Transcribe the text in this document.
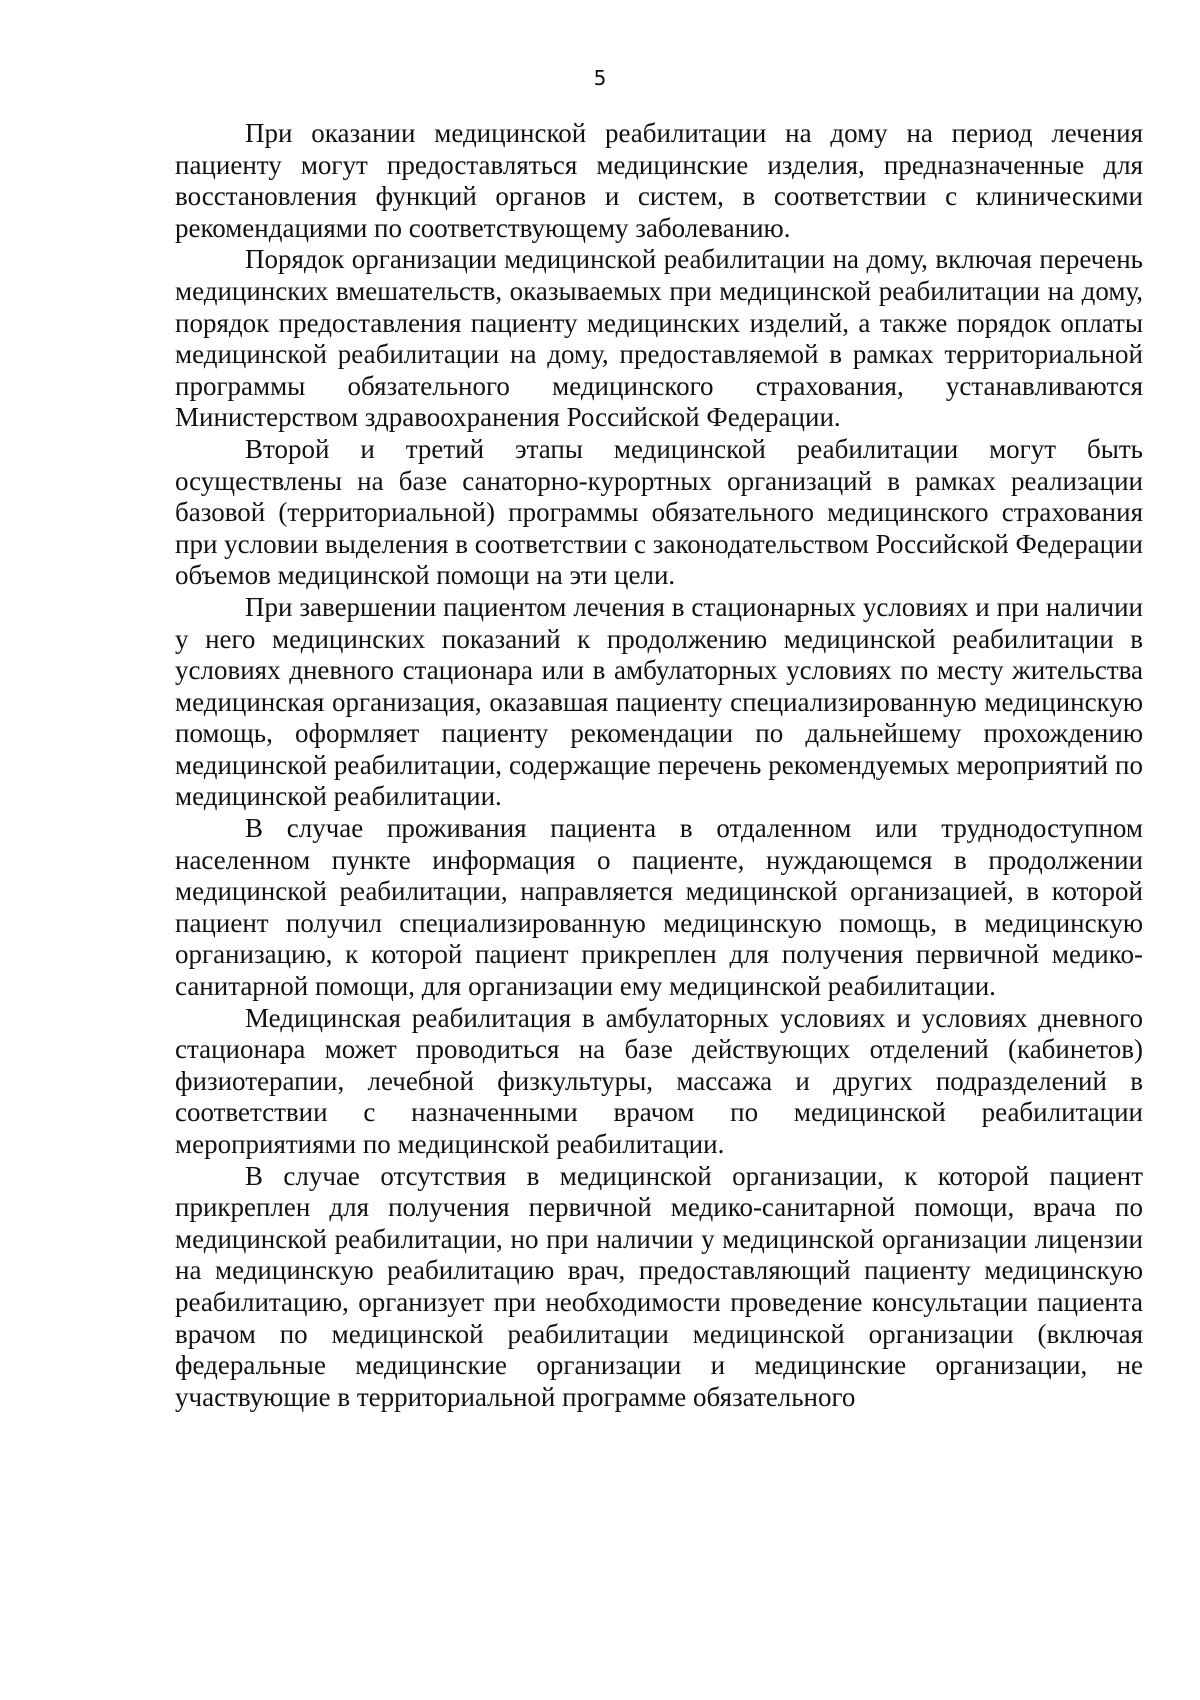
5

При оказании медицинской реабилитации на дому на период лечения пациенту могут предоставляться медицинские изделия, предназначенные для восстановления функций органов и систем, в соответствии с клиническими рекомендациями по соответствующему заболеванию.

Порядок организации медицинской реабилитации на дому, включая перечень медицинских вмешательств, оказываемых при медицинской реабилитации на дому, порядок предоставления пациенту медицинских изделий, а также порядок оплаты медицинской реабилитации на дому, предоставляемой в рамках территориальной программы обязательного медицинского страхования, устанавливаются Министерством здравоохранения Российской Федерации.

Второй и третий этапы медицинской реабилитации могут быть осуществлены на базе санаторно-курортных организаций в рамках реализации базовой (территориальной) программы обязательного медицинского страхования при условии выделения в соответствии с законодательством Российской Федерации объемов медицинской помощи на эти цели.

При завершении пациентом лечения в стационарных условиях и при наличии у него медицинских показаний к продолжению медицинской реабилитации в условиях дневного стационара или в амбулаторных условиях по месту жительства медицинская организация, оказавшая пациенту специализированную медицинскую помощь, оформляет пациенту рекомендации по дальнейшему прохождению медицинской реабилитации, содержащие перечень рекомендуемых мероприятий по медицинской реабилитации.

В случае проживания пациента в отдаленном или труднодоступном населенном пункте информация о пациенте, нуждающемся в продолжении медицинской реабилитации, направляется медицинской организацией, в которой пациент получил специализированную медицинскую помощь, в медицинскую организацию, к которой пациент прикреплен для получения первичной медико-санитарной помощи, для организации ему медицинской реабилитации.

Медицинская реабилитация в амбулаторных условиях и условиях дневного стационара может проводиться на базе действующих отделений (кабинетов) физиотерапии, лечебной физкультуры, массажа и других подразделений в соответствии с назначенными врачом по медицинской реабилитации мероприятиями по медицинской реабилитации.

В случае отсутствия в медицинской организации, к которой пациент прикреплен для получения первичной медико-санитарной помощи, врача по медицинской реабилитации, но при наличии у медицинской организации лицензии на медицинскую реабилитацию врач, предоставляющий пациенту медицинскую реабилитацию, организует при необходимости проведение консультации пациента врачом по медицинской реабилитации медицинской организации (включая федеральные медицинские организации и медицинские организации, не участвующие в территориальной программе обязательного
